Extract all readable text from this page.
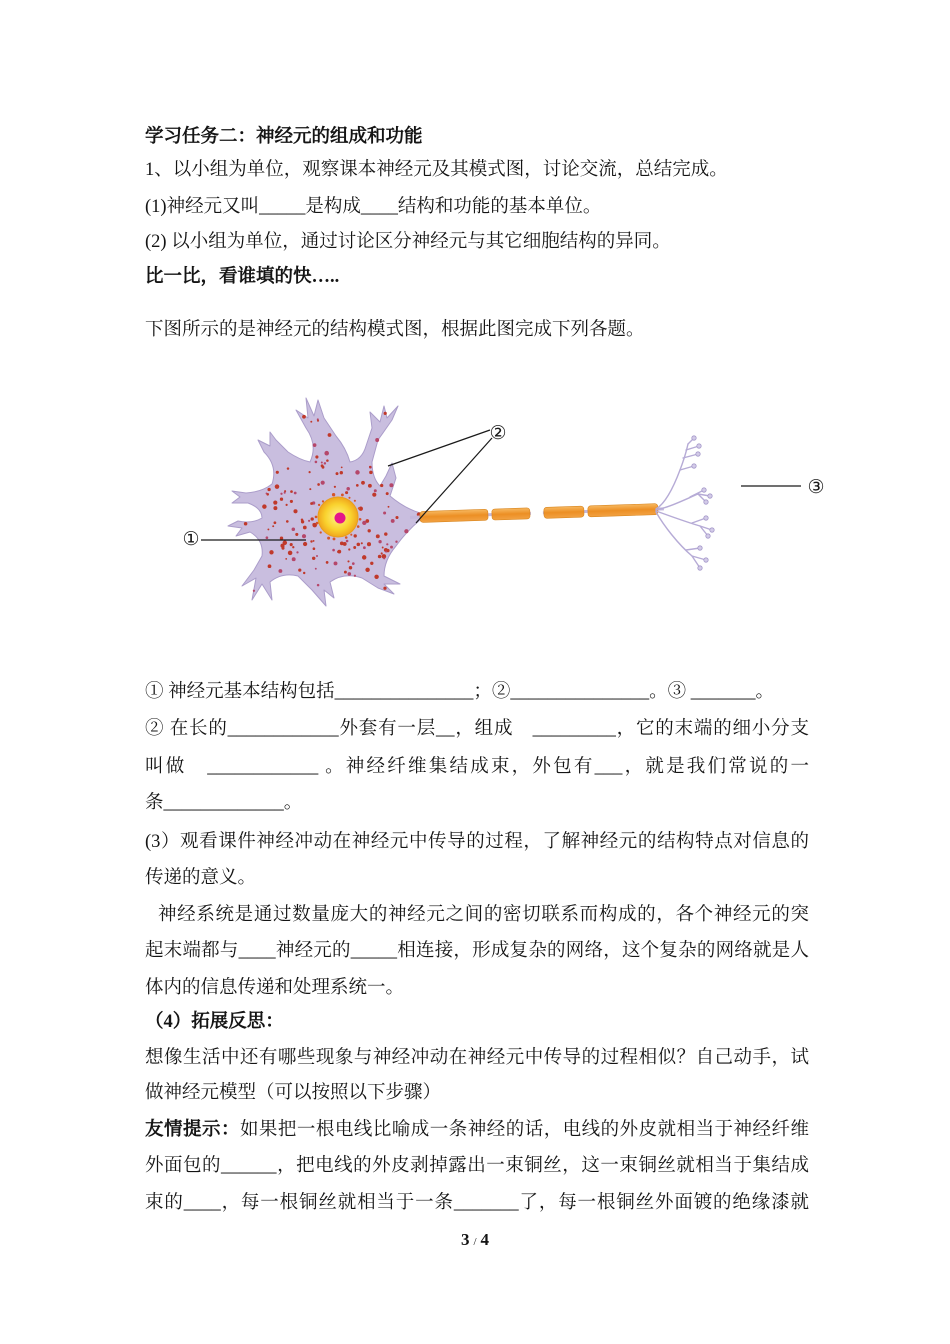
学习任务二：神经元的组成和功能
1、以小组为单位，观察课本神经元及其模式图，讨论交流，总结完成。
(1)神经元又叫_____是构成____结构和功能的基本单位。
(2) 以小组为单位，通过讨论区分神经元与其它细胞结构的异同。
比一比，看谁填的快…..
下图所示的是神经元的结构模式图，根据此图完成下列各题。
①
②
③
① 神经元基本结构包括_______________；②_______________。③ _______。
② 在长的____________外套有一层__，组成　_________，它的末端的细小分支
叫做　____________ 。神经纤维集结成束，外包有___，就是我们常说的一
条_____________。
(3）观看课件神经冲动在神经元中传导的过程，了解神经元的结构特点对信息的
传递的意义。
神经系统是通过数量庞大的神经元之间的密切联系而构成的，各个神经元的突
起末端都与____神经元的_____相连接，形成复杂的网络，这个复杂的网络就是人
体内的信息传递和处理系统一。
（4）拓展反思：
想像生活中还有哪些现象与神经冲动在神经元中传导的过程相似？自己动手，试
做神经元模型（可以按照以下步骤）
友情提示：如果把一根电线比喻成一条神经的话，电线的外皮就相当于神经纤维
外面包的______，把电线的外皮剥掉露出一束铜丝，这一束铜丝就相当于集结成
束的____，每一根铜丝就相当于一条_______了，每一根铜丝外面镀的绝缘漆就
3 / 4
